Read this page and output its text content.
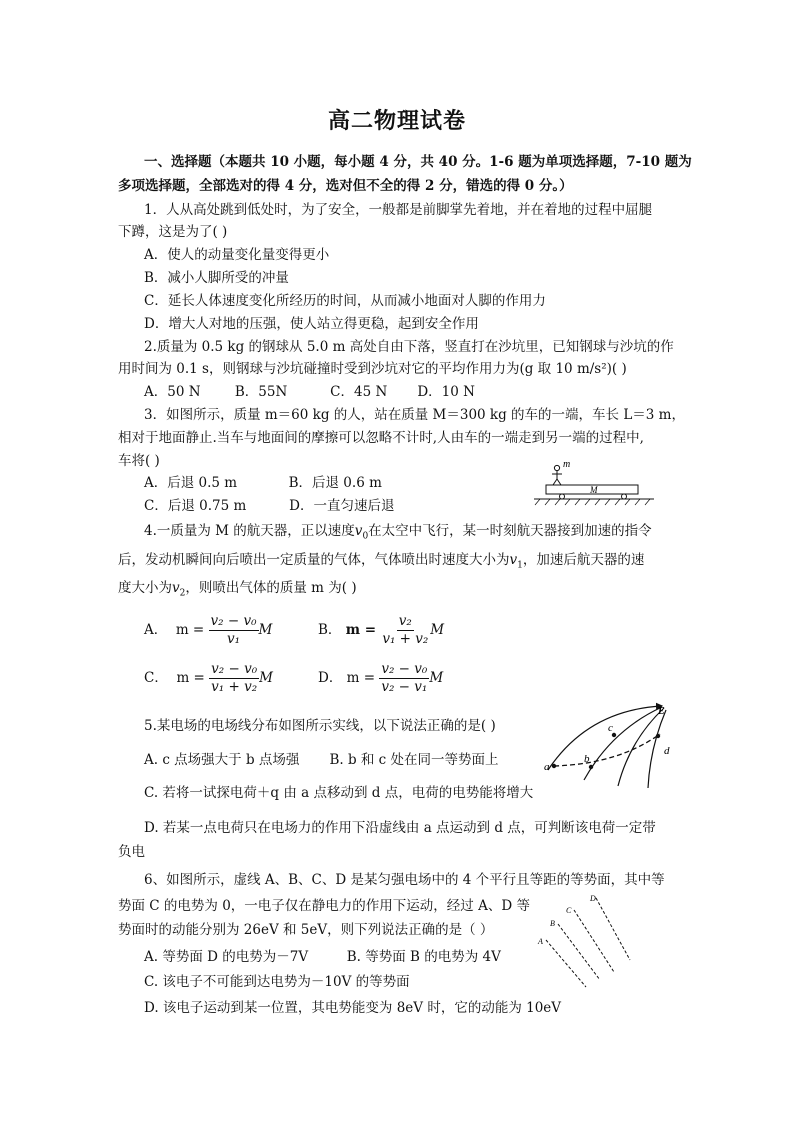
高二物理试卷
一、选择题（本题共 10 小题，每小题 4 分，共 40 分。1-6 题为单项选择题，7-10 题为
多项选择题，全部选对的得 4 分，选对但不全的得 2 分，错选的得 0 分。）
1．人从高处跳到低处时，为了安全，一般都是前脚掌先着地，并在着地的过程中屈腿
下蹲，这是为了( )
A．使人的动量变化量变得更小
B．减小人脚所受的冲量
C．延长人体速度变化所经历的时间，从而减小地面对人脚的作用力
D．增大人对地的压强，使人站立得更稳，起到安全作用
2.质量为 0.5 kg 的钢球从 5.0 m 高处自由下落，竖直打在沙坑里，已知钢球与沙坑的作
用时间为 0.1 s，则钢球与沙坑碰撞时受到沙坑对它的平均作用力为(g 取 10 m/s²)( )
A．50 N        B．55N          C．45 N       D．10 N
3．如图所示，质量 m＝60 kg 的人，站在质量 M＝300 kg 的车的一端，车长 L＝3 m，
相对于地面静止.当车与地面间的摩擦可以忽略不计时,人由车的一端走到另一端的过程中,
车将( )
A．后退 0.5 m            B．后退 0.6 m
C．后退 0.75 m          D．一直匀速后退
m
M
4.一质量为 M 的航天器，正以速度$v_0$在太空中飞行，某一时刻航天器接到加速的指令
后，发动机瞬间向后喷出一定质量的气体，气体喷出时速度大小为$v_1$，加速后航天器的速
度大小为$v_2$，则喷出气体的质量 m 为( )
A． $m = \frac{\text{v₂ − v₀}}{\text{v₁}}$ M	B． $m = \frac{\text{v₂}}{\text{v₁ + v₂}}$ M
C． $m = \frac{\text{v₂ − v₀}}{\text{v₁ + v₂}}$ M	D． $m = \frac{\text{v₂ − v₀}}{\text{v₂ − v₁}}$ M
5.某电场的电场线分布如图所示实线，以下说法正确的是( )
A. c 点场强大于 b 点场强       B. b 和 c 处在同一等势面上
C. 若将一试探电荷＋q 由 a 点移动到 d 点，电荷的电势能将增大
D. 若某一点电荷只在电场力的作用下沿虚线由 a 点运动到 d 点，可判断该电荷一定带
负电
a
b
c
d
E
6、如图所示，虚线 A、B、C、D 是某匀强电场中的 4 个平行且等距的等势面，其中等
势面 C 的电势为 0，一电子仅在静电力的作用下运动，经过 A、D 等
势面时的动能分别为 26eV 和 5eV，则下列说法正确的是（ ）
A. 等势面 D 的电势为－7V         B. 等势面 B 的电势为 4V
C. 该电子不可能到达电势为－10V 的等势面
D. 该电子运动到某一位置，其电势能变为 8eV 时，它的动能为 10eV
A
B
C
D
